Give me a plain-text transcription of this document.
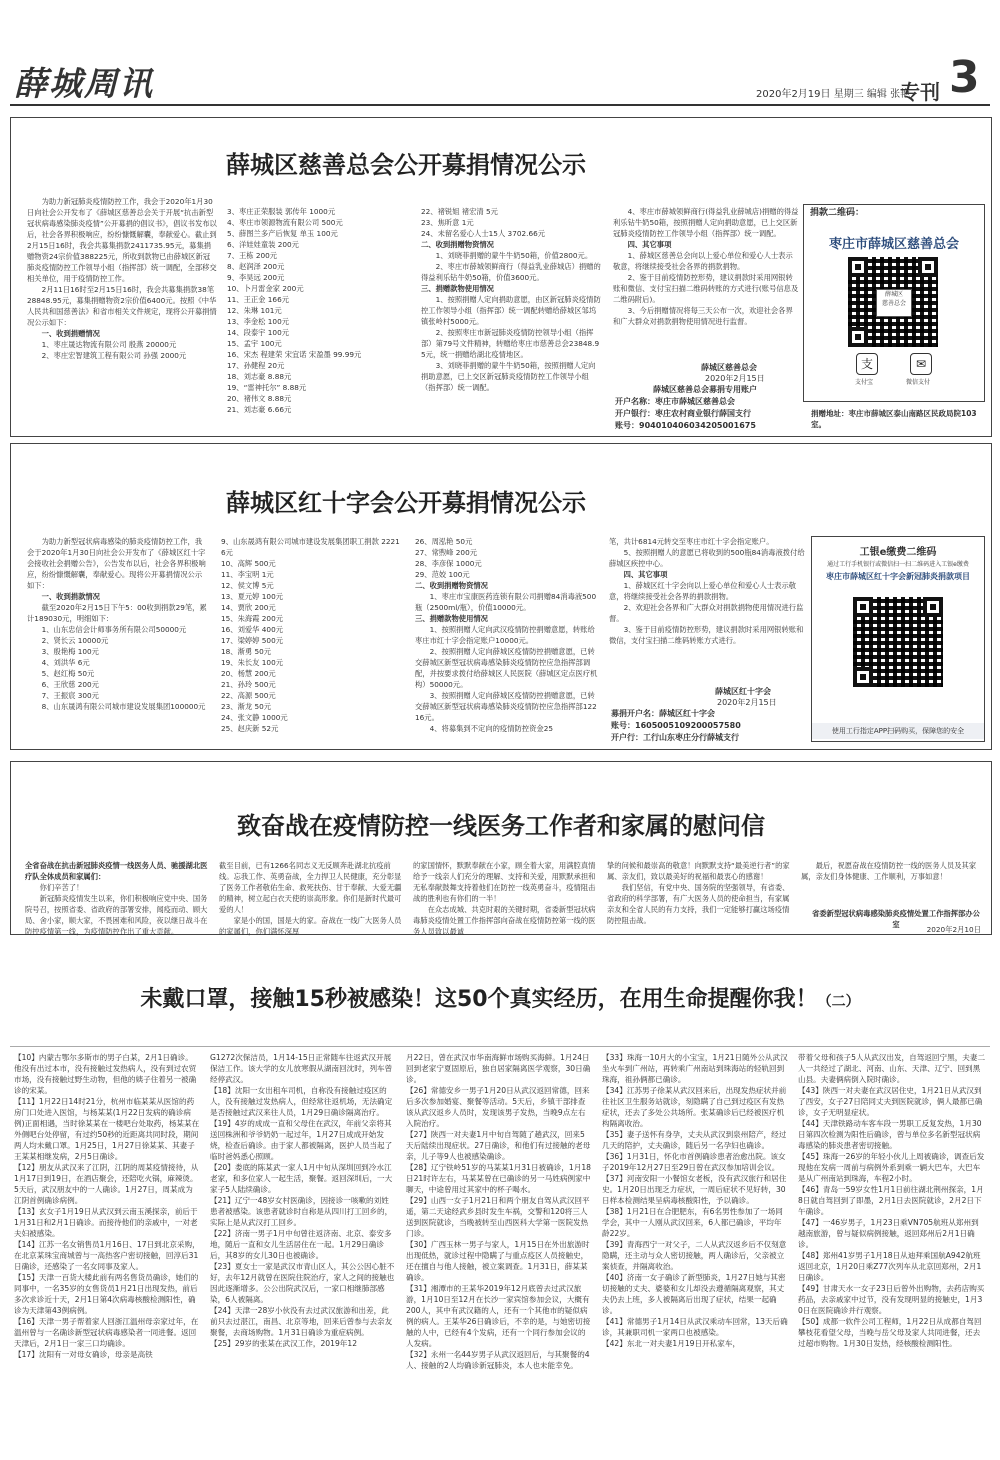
薛城周讯	2020年2月19日 星期三 编辑 张艳
专刊 3
薛城区慈善总会公开募捐情况公示
为助力新冠肺炎疫情防控工作，我会于2020年1月30日向社会公开发布了《薛城区慈善总会关于开展“抗击新型冠状病毒感染肺炎疫情”公开募捐的倡议书》，倡议书发布以后，社会各界积极响应，纷纷慷慨解囊，奉献爱心。截止到2月15日16时，我会共募集捐款2411735.95元，募集捐赠物资24宗价值388225元，所收到款物已由薛城区新冠肺炎疫情防控工作领导小组（指挥部）统一调配，全部移交相关单位，用于疫情防控工作。
2月11日16时至2月15日16时，我会共募集捐款38笔28848.95元，募集捐赠物资2宗价值6400元。按照《中华人民共和国慈善法》和省市相关文件规定，现将公开募捐情况公示如下：
一、收到捐赠情况
1、枣庄晟达物流有限公司 殷燕 20000元
2、枣庄宏智建筑工程有限公司 孙强 2000元
3、枣庄正荣服装 郭传年 1000元
4、枣庄市领源物流有限公司 500元
5、薛图兰多产后恢复 单玉 100元
6、洋娃娃童装 200元
7、王栋 200元
8、赵润泽 200元
9、李昊远 200元
10、卜月雷金家 200元
11、王正金 166元
12、朱琳 101元
13、李金松 100元
14、段泰宇 100元
15、孟宇 100元
16、宋杰 程建荣 宋宜诺 宋盈墨 99.99元
17、孙健程 20元
18、刘志豪 8.88元
19、“雷神托尔” 8.88元
20、褚伟文 8.88元
21、刘志豪 6.66元
22、褚锐姐 褚宏清 5元
23、焦昕意 1元
24、未留名爱心人士15人 3702.66元
二、收到捐赠物资情况
1、刘晓菲捐赠的蒙牛牛奶50箱，价值2800元。
2、枣庄市薛城领鲜商行（得益乳业薛城店）捐赠的得益利乐钻牛奶50箱，价值3600元。
三、捐赠款物使用情况
1、按照捐赠人定向捐助意愿，由区新冠肺炎疫情防控工作领导小组（指挥部）统一调配转赠给薛城区邹坞镇张岭村5000元。
2、按照枣庄市新冠肺炎疫情防控领导小组（指挥部）第79号文件精神，转赠给枣庄市慈善总会23848.95元，统一捐赠给湖北疫情地区。
3、刘晓菲捐赠的蒙牛牛奶50箱，按照捐赠人定向捐助意愿，已上交区新冠肺炎疫情防控工作领导小组（指挥部）统一调配。
4、枣庄市薛城领鲜商行(得益乳业薛城店)捐赠的得益利乐钻牛奶50箱，按照捐赠人定向捐助意愿，已上交区新冠肺炎疫情防控工作领导小组（指挥部）统一调配。
四、其它事项
1、薛城区慈善总会向以上爱心单位和爱心人士表示敬意，将继续接受社会各界的捐款捐物。
2、鉴于目前疫情防控形势，建议捐款时采用网银转账和微信、支付宝扫描二维码转账的方式进行(账号信息及二维码附后)。
3、今后捐赠情况将每三天公布一次，欢迎社会各界和广大群众对捐款捐物使用情况进行监督。
薛城区慈善总会
2020年2月15日
薛城区慈善总会募捐专用账户
开户名称：枣庄市薛城区慈善总会
开户银行：枣庄农村商业银行薛国支行
账号：904010406034205001675
捐款二维码：
枣庄市薛城区慈善总会
薛城区
慈善总会
支	✉
支付宝	微信支付
捐赠地址：枣庄市薛城区泰山南路区民政局院103室。
薛城区红十字会公开募捐情况公示
为助力新型冠状病毒感染的肺炎疫情防控工作，我会于2020年1月30日向社会公开发布了《薛城区红十字会接收社会捐赠公告》，公告发布以后，社会各界积极响应，纷纷慷慨解囊，奉献爱心。现将公开募捐情况公示如下：
一、收到捐款情况
截至2020年2月15日下午5：00收到捐款29笔，累计189030元，明细如下：
1、山东忠信会计师事务所有限公司50000元
2、贤长云 10000元
3、殷艳梅 100元
4、刘洪华 6元
5、赵红梅 50元
6、王欣慈 200元
7、王振宸 300元
8、山东晟鸿有限公司城市建设发展集团100000元
9、山东晟鸿有限公司城市建设发展集团职工捐款 22216元
10、高辉 500元
11、李宝明 1元
12、侯文博 5元
13、夏元婷 100元
14、贾欣 200元
15、朱海霞 200元
16、刘爱华 400元
17、梁婷婷 500元
18、渐勇 50元
19、朱长友 100元
20、杨慧 200元
21、孙玲 500元
22、高源 500元
23、渐龙 50元
24、张文静 1000元
25、赵庆新 52元
26、周泓艳 50元
27、常煦峰 200元
28、李彦保 1000元
29、范姣 100元
二、收到捐赠物资情况
1、枣庄市宝康医药连锁有限公司捐赠84消毒液500瓶（2500ml/瓶），价值10000元。
三、捐赠款物使用情况
1、按照捐赠人定向武汉疫情防控捐赠意愿，转账给枣庄市红十字会指定账户10000元。
2、按照捐赠人定向薛城区疫情防控捐赠意愿，已转交薛城区新型冠状病毒感染肺炎疫情防控应急指挥部调配，并按要求拨付给薛城区人民医院（薛城区定点医疗机构）50000元。
3、按照捐赠人定向薛城区疫情防控捐赠意愿，已转交薛城区新型冠状病毒感染肺炎疫情防控应急指挥部12216元。
4、将募集到不定向的疫情防控资金25
笔，共计6814元转交至枣庄市红十字会指定账户。
5、按照捐赠人的意愿已将收到的500瓶84消毒液拨付给薛城区疾控中心。
四、其它事项
1、薛城区红十字会向以上爱心单位和爱心人士表示敬意，将继续接受社会各界的捐款捐物。
2、欢迎社会各界和广大群众对捐款捐物使用情况进行监督。
3、鉴于目前疫情防控形势，建议捐款时采用网银转账和微信，支付宝扫描二维码转账方式进行。
薛城区红十字会
2020年2月15日
募捐开户名：薛城区红十字会
账号：1605005109200057580
开户行：工行山东枣庄分行薛城支行
工银e缴费二维码
通过工行手机银行或微信扫一扫二维码进入工银e缴费
枣庄市薛城区红十字会新冠肺炎捐款项目
使用工行指定APP扫码购买，保障您的安全
致奋战在疫情防控一线医务工作者和家属的慰问信
全省奋战在抗击新冠肺炎疫情一线医务人员、驰援湖北医疗队全体成员和家属们：
你们辛苦了！
新冠肺炎疫情发生以来，你们积极响应党中央、国务院号召，按照省委、省政府的部署安排，闻疫而动、顾大局、舍小家，顺大家，不畏困难和风险，夜以继日战斗在防控疫情第一线，为疫情防控作出了重大贡献。
截至目前，已有1266名同志义无反顾奔赴湖北抗疫前线。忘我工作、英勇奋战，全力捍卫人民健康，充分彰显了医务工作者敬佑生命、救死扶伤、甘于奉献、大爱无疆的精神，树立起白衣天使的崇高形象。你们是新时代最可爱的人！
家是小的国，国是大的家。奋战在一线广大医务人员的家属们，你们满怀深厚
的家国情怀，默默奉献在小家，顾全着大家，用满腔真情给予一线亲人们充分的理解、支持和关爱，用默默承担和无私奉献鼓舞支持着他们在防控一线英勇奋斗，疫情阻击战的胜利也有你们的一半！
在众志成城、共克时艰的关键时期，省委新型冠状病毒肺炎疫情处置工作指挥部向奋战在疫情防控第一线的医务人员致以最诚
挚的问候和最崇高的敬意！向默默支持“最美逆行者”的家属、亲友们，致以最美好的祝福和最衷心的感谢！
我们坚信，有党中央、国务院的坚强领导，有省委、省政府的科学部署，有广大医务人员的使命担当，有家属亲友和全省人民的有力支持，我们一定能够打赢这场疫情防控阻击战。
最后，祝愿奋战在疫情防控一线的医务人员及其家属，亲友们身体健康、工作顺利，万事如意！
省委新型冠状病毒感染肺炎疫情处置工作指挥部办公室
2020年2月10日
未戴口罩，接触15秒被感染！这50个真实经历，在用生命提醒你我！（二）
【10】内蒙古鄂尔多斯市的男子白某，2月1日确诊。他没有出过本市，没有接触过发热病人，没有到过农贸市场，没有接触过野生动物，但他的姨子住着另一被确诊的宋某。
【11】1月22日14时21分，杭州市临某某从医馆的药房门口处进入医馆，与杨某某(1月22日发病的确诊病例)正面相遇，当时徐某某在一楼吧台处取药，杨某某在外侧吧台处停留，有过约50秒的近距离共同时段，期间两人均未戴口罩。1月25日，1月27日徐某某、其妻子王某某相继发病，2月5日确诊。
【12】朋友从武汉来了江阴，江阴的周某疫情接待，从1月17日到19日，在酒店聚会，还陪吃火锅，麻辣烫。5天后，武汉朋友中的一人确诊。1月27日，周某成为江阴首例确诊病例。
【13】玄女子1月19日从武汉到云南玉溪探亲，前后于1月31日和2月1日确诊。而接待他们的亲戚中，一对老夫妇被感染。
【14】江苏一名女销售员1月16日、17日到北京采购，在北京某珠宝商城曾与一高热客户密切接触，回淳后31日确诊，还感染了一名女同事及家人。
【15】天津一百货大楼此前有两名售货员确诊，她们的同事中，一名35岁的女售货员1月21日出现发热，前后多次求诊近十天，2月1日第4次病毒核酸检测阳性，确诊为天津第43例病例。
【16】天津一男子帮着家人回浙江温州母亲家过年，在温州曾与一名确诊新型冠状病毒感染者一同进餐。返回天津后，2月1日一家三口均确诊。
【17】沈阳有一对母女确诊，母亲是高铁
G1272次保洁员，1月14-15日正常随车往返武汉开展保洁工作。该大学的女儿放寒假从湖南回沈时，列车曾经停武汉。
【18】沈阳一女出租车司机，自称没有接触过疫区的人，没有接触过发热病人，但经常往返机场，无法确定是否接触过武汉来往人员，1月29日确诊隔离治疗。
【19】4岁的成成一直和父母住在武汉，年前父亲将其送回株洲和爷爷奶奶一起过年，1月27日成成开始发烧，检查后确诊。由于家人都被隔离，医护人员当起了临时爸妈悉心照顾。
【20】娄底的陈某武一家人1月中旬从深圳回到冷水江老家，和多位家人一起生活，聚餐。返回深圳后，一大家子5人陆续确诊。
【21】辽宁一48岁女村医确诊，因接诊一咳嗽的刘姓患者被感染。该患者就诊时自称是从四川打工回乡的，实际上是从武汉打工回乡。
【22】济南一男子1月中旬曾往返济南、北京、泰安多地，随后一直和女儿生活居住在一起。1月29日确诊后，其8岁的女儿30日也被确诊。
【23】夏女士一家是武汉市青山区人，其公公因心脏不好，去年12月就曾在医院住院治疗，家人之间的接触也因此逐渐增多。公公出院武汉后，一家口相继肺部感染，6人被隔离。
【24】天津一28岁小伙没有去过武汉旅游和出差，此前只去过湛江，南昌、北京等地，回来后曾参与去亲友聚餐，去商场购物。1月31日确诊为重症病例。
【25】29岁的张某在武汉工作，2019年12
月22日，曾在武汉市华南海鲜市场购买海鲜。1月24日回到老家宁夏固原后，独自居家隔离医学观察，30日确诊。
【26】常德安乡一男子1月20日从武汉返回常德，回来后多次参加婚宴、聚餐等活动。5天后，乡镇干部排查该从武汉返乡人员时，发现该男子发热，当晚9点左右入院治疗。
【27】陕西一对夫妻1月中旬自驾随了趟武汉，回来5天后陆续出现症状。27日确诊，和他们有过接触的老母亲，儿子等9人也被感染确诊。
【28】辽宁铁岭51岁的马某某1月31日被确诊，1月18日21时许左右，马某某曾在已确诊的另一马姓病例家中聊天，中途曾用过其家中的杯子喝水。
【29】山西一女子1月21日和两个朋友自驾从武汉回平遥，第二天途经武乡县时发生车祸，交警和120将三人送到医院就诊，当晚被转至山西医科大学第一医院发热门诊。
【30】广西玉林一男子与家人，1月15日在外出旅游时出现低热，就诊过程中隐瞒了与重点疫区人员接触史，还在擅自与他人接触，被立案调查。1月31日，薛某某确诊。
【31】湘潭市的王某华2019年12月底曾去过武汉旅游，1月10日至12月在长沙一家宾馆参加会议，大概有200人，其中有武汉籍的人，还有一个其他市的疑似病例的病人。王某华26日确诊后，不幸的是，与她密切接触的人中，已经有4个发病，还有一个同行参加会议的人发病。
【32】永州一名44岁男子从武汉返回后，与其聚餐的4人、接触的2人均确诊新冠肺炎，本人也未能幸免。
【33】珠海一10月大的小宝宝，1月21日随外公从武汉坐火车到广州站，再转乘广州南站到珠海站的轻轨回到珠海，祖孙俩都已确诊。
【34】江苏男子徐某从武汉回来后，出现发热症状并前往社区卫生服务站就诊，刻隐瞒了自己到过疫区有发热症状，还去了多处公共场所。张某确诊后已经被医疗机构隔离收治。
【35】妻子送怀有身孕，丈夫从武汉到泉州陪产，经过几天的陪护，丈夫确诊，随后另一名孕妇也确诊。
【36】1月31日，怀化市首例确诊患者治愈出院。该女子2019年12月27日至29日曾在武汉参加培训会议。
【37】河南安阳一小餐馆女老板，没有武汉旅行和居住史。1月20日出现乏力症状，一周后症状不见好转，30日样本检测结果呈病毒核酸阳性，予以确诊。
【38】1月21日在合肥肥东，有6名男性参加了一场同学会，其中一人刚从武汉回来，6人都已确诊，平均年龄22岁。
【39】青海西宁一对父子，二人从武汉返乡后不仅刻意隐瞒，还主动与众人密切接触，两人确诊后，父亲被立案侦查，并隔离收治。
【40】济南一女子确诊了新型肺炎，1月27日她与其密切接触的丈夫、婆婆和女儿却没去遵循隔离观察，其丈夫仍去上班，多人被隔离后出现了症状，结果一起确诊。
【41】常德男子1月14日从武汉乘动车回常，13天后确诊，其兼职司机一家两口也被感染。
【42】东北一对夫妻1月19日开私家车，
带着父母和孩子5人从武汉出发，自驾返回宁黑，夫妻二人一共经过了湖北、河南、山东、天津、辽宁、回到黑山县。夫妻俩病倒入院时确诊。
【43】陕西一对夫妻在武汉居住史，1月21日从武汉到了西安，女子27日陪同丈夫到医院就诊，俩人最都已确诊，女子无明显症状。
【44】天津铁路动车客车段一男职工反复发热，1月30日第四次检测为阳性后确诊，曾与单位多名新型冠状病毒感染的肺炎患者密切接触。
【45】珠海一26岁的年轻小伙儿上周被确诊，调查后发现他在发病一周前与病例外系到乘一辆大巴车，大巴车是从广州南站到珠海，车程2小时。
【46】青岛一59岁女性1月1日前往湖北荆州探亲，1月8日就自驾回到了即墨，2月1日去医院就诊，2月2日下午确诊。
【47】一46岁男子，1月23日乘VN705航班从郑州到越南旅游，曾与疑似病例接触，返回郑州后2月1日确诊。
【48】郑州41岁男子1月18日从迪拜乘国航A942航班返回北京，1月20日乘Z77次列车从北京回郑州，2月1日确诊。
【49】甘肃天水一女子23日后曾外出购物，去药店购买药品，去亲戚家中过节，没有发现明显的接触史，1月30日在医院确诊并行观察。
【50】成都一软件公司工程师，1月22日从成都自驾回攀枝花看望父母，当晚与岳父母及家人共同进餐，还去过超市购物。1月30日发热，经核酸检测阳性。
